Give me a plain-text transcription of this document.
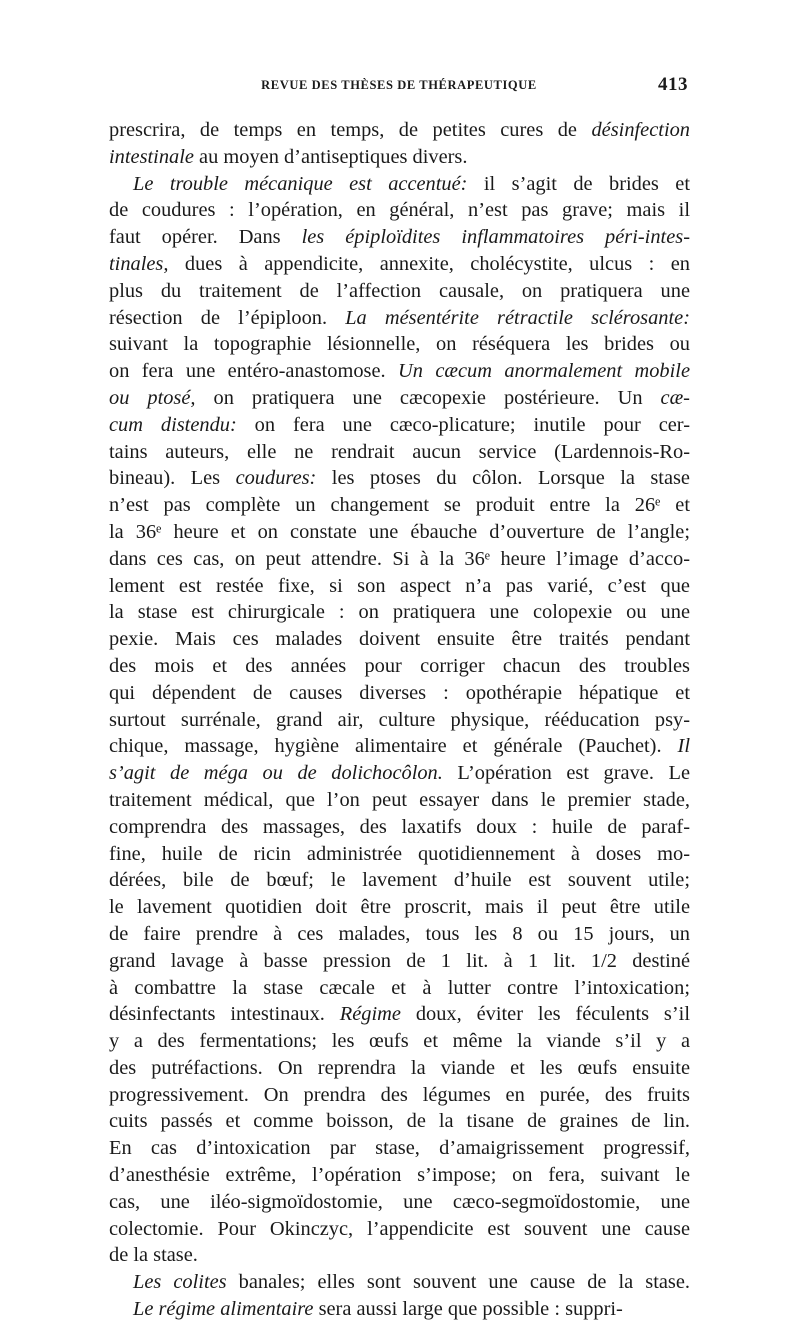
REVUE DES THÈSES DE THÉRAPEUTIQUE	413
prescrira, de temps en temps, de petites cures de désinfection
intestinale au moyen d’antiseptiques divers.
Le trouble mécanique est accentué: il s’agit de brides et
de coudures : l’opération, en général, n’est pas grave; mais il
faut opérer. Dans les épiploïdites inflammatoires péri-intes-
tinales, dues à appendicite, annexite, cholécystite, ulcus : en
plus du traitement de l’affection causale, on pratiquera une
résection de l’épiploon. La mésentérite rétractile sclérosante:
suivant la topographie lésionnelle, on réséquera les brides ou
on fera une entéro-anastomose. Un cæcum anormalement mobile
ou ptosé, on pratiquera une cæcopexie postérieure. Un cæ-
cum distendu: on fera une cæco-plicature; inutile pour cer-
tains auteurs, elle ne rendrait aucun service (Lardennois-Ro-
bineau). Les coudures: les ptoses du côlon. Lorsque la stase
n’est pas complète un changement se produit entre la 26ᵉ et
la 36ᵉ heure et on constate une ébauche d’ouverture de l’angle;
dans ces cas, on peut attendre. Si à la 36ᵉ heure l’image d’acco-
lement est restée fixe, si son aspect n’a pas varié, c’est que
la stase est chirurgicale : on pratiquera une colopexie ou une
pexie. Mais ces malades doivent ensuite être traités pendant
des mois et des années pour corriger chacun des troubles
qui dépendent de causes diverses : opothérapie hépatique et
surtout surrénale, grand air, culture physique, rééducation psy-
chique, massage, hygiène alimentaire et générale (Pauchet). Il
s’agit de méga ou de dolichocôlon. L’opération est grave. Le
traitement médical, que l’on peut essayer dans le premier stade,
comprendra des massages, des laxatifs doux : huile de paraf-
fine, huile de ricin administrée quotidiennement à doses mo-
dérées, bile de bœuf; le lavement d’huile est souvent utile;
le lavement quotidien doit être proscrit, mais il peut être utile
de faire prendre à ces malades, tous les 8 ou 15 jours, un
grand lavage à basse pression de 1 lit. à 1 lit. 1/2 destiné
à combattre la stase cæcale et à lutter contre l’intoxication;
désinfectants intestinaux. Régime doux, éviter les féculents s’il
y a des fermentations; les œufs et même la viande s’il y a
des putréfactions. On reprendra la viande et les œufs ensuite
progressivement. On prendra des légumes en purée, des fruits
cuits passés et comme boisson, de la tisane de graines de lin.
En cas d’intoxication par stase, d’amaigrissement progressif,
d’anesthésie extrême, l’opération s’impose; on fera, suivant le
cas, une iléo-sigmoïdostomie, une cæco-segmoïdostomie, une
colectomie. Pour Okinczyc, l’appendicite est souvent une cause
de la stase.
Les colites banales; elles sont souvent une cause de la stase.
Le régime alimentaire sera aussi large que possible : suppri-
